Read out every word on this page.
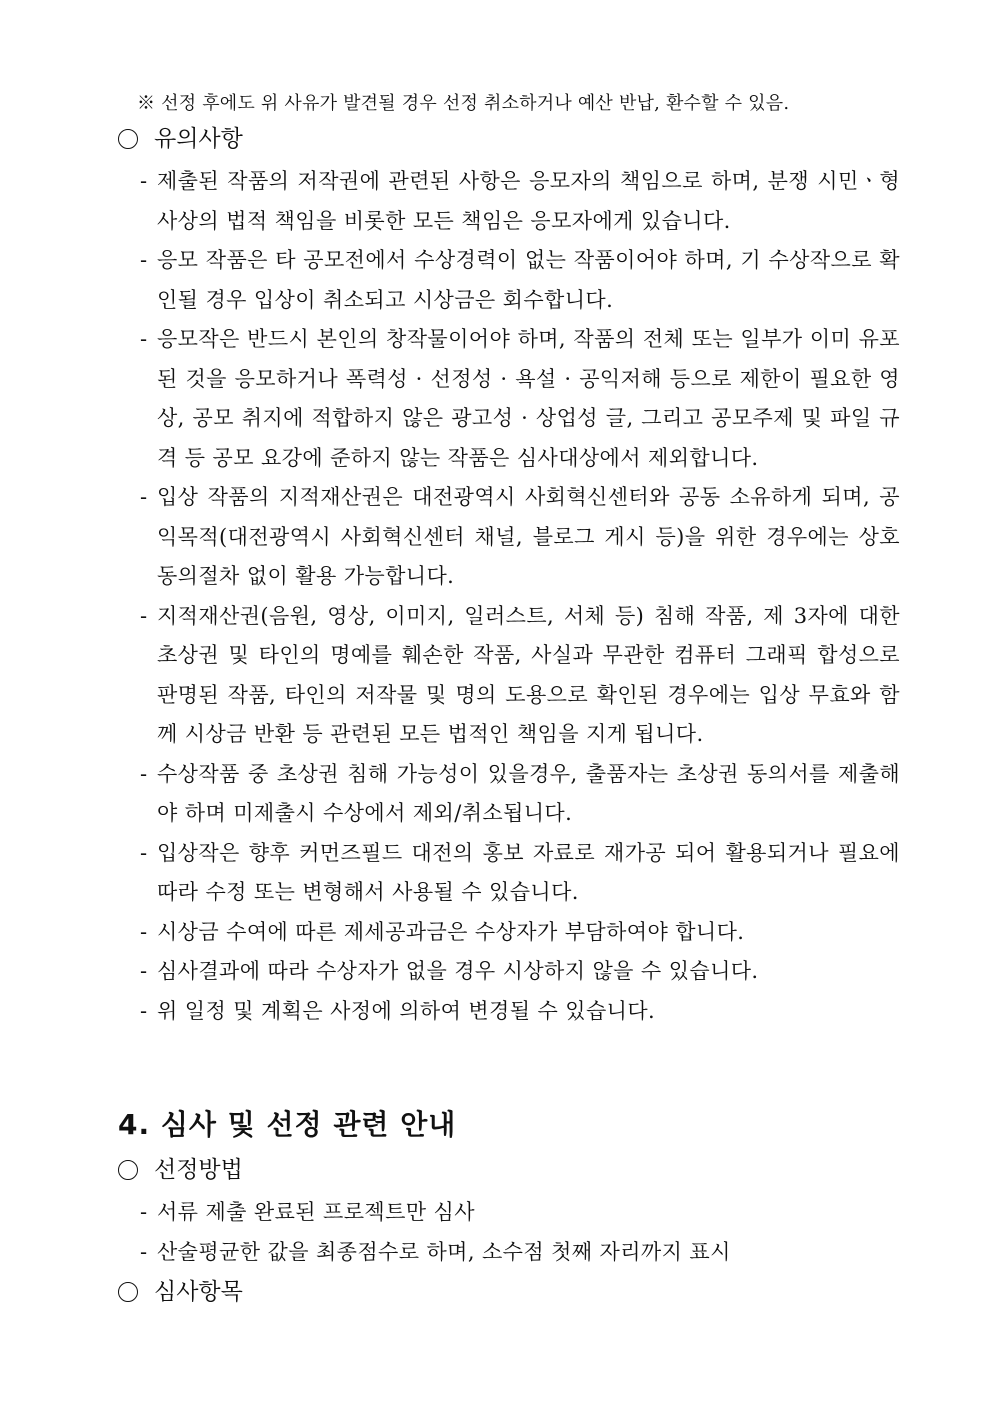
※ 선정 후에도 위 사유가 발견될 경우 선정 취소하거나 예산 반납, 환수할 수 있음.
유의사항
- 제출된 작품의 저작권에 관련된 사항은 응모자의 책임으로 하며, 분쟁 시민ㆍ형사상의 법적 책임을 비롯한 모든 책임은 응모자에게 있습니다.
- 응모 작품은 타 공모전에서 수상경력이 없는 작품이어야 하며, 기 수상작으로 확인될 경우 입상이 취소되고 시상금은 회수합니다.
- 응모작은 반드시 본인의 창작물이어야 하며, 작품의 전체 또는 일부가 이미 유포된 것을 응모하거나 폭력성 · 선정성 · 욕설 · 공익저해 등으로 제한이 필요한 영상, 공모 취지에 적합하지 않은 광고성 · 상업성 글, 그리고 공모주제 및 파일 규격 등 공모 요강에 준하지 않는 작품은 심사대상에서 제외합니다.
- 입상 작품의 지적재산권은 대전광역시 사회혁신센터와 공동 소유하게 되며, 공익목적(대전광역시 사회혁신센터 채널, 블로그 게시 등)을 위한 경우에는 상호 동의절차 없이 활용 가능합니다.
- 지적재산권(음원, 영상, 이미지, 일러스트, 서체 등) 침해 작품, 제 3자에 대한 초상권 및 타인의 명예를 훼손한 작품, 사실과 무관한 컴퓨터 그래픽 합성으로 판명된 작품, 타인의 저작물 및 명의 도용으로 확인된 경우에는 입상 무효와 함께 시상금 반환 등 관련된 모든 법적인 책임을 지게 됩니다.
- 수상작품 중 초상권 침해 가능성이 있을경우, 출품자는 초상권 동의서를 제출해야 하며 미제출시 수상에서 제외/취소됩니다.
- 입상작은 향후 커먼즈필드 대전의 홍보 자료로 재가공 되어 활용되거나 필요에 따라 수정 또는 변형해서 사용될 수 있습니다.
- 시상금 수여에 따른 제세공과금은 수상자가 부담하여야 합니다.
- 심사결과에 따라 수상자가 없을 경우 시상하지 않을 수 있습니다.
- 위 일정 및 계획은 사정에 의하여 변경될 수 있습니다.
4. 심사 및 선정 관련 안내
선정방법
- 서류 제출 완료된 프로젝트만 심사
- 산술평균한 값을 최종점수로 하며, 소수점 첫째 자리까지 표시
심사항목
